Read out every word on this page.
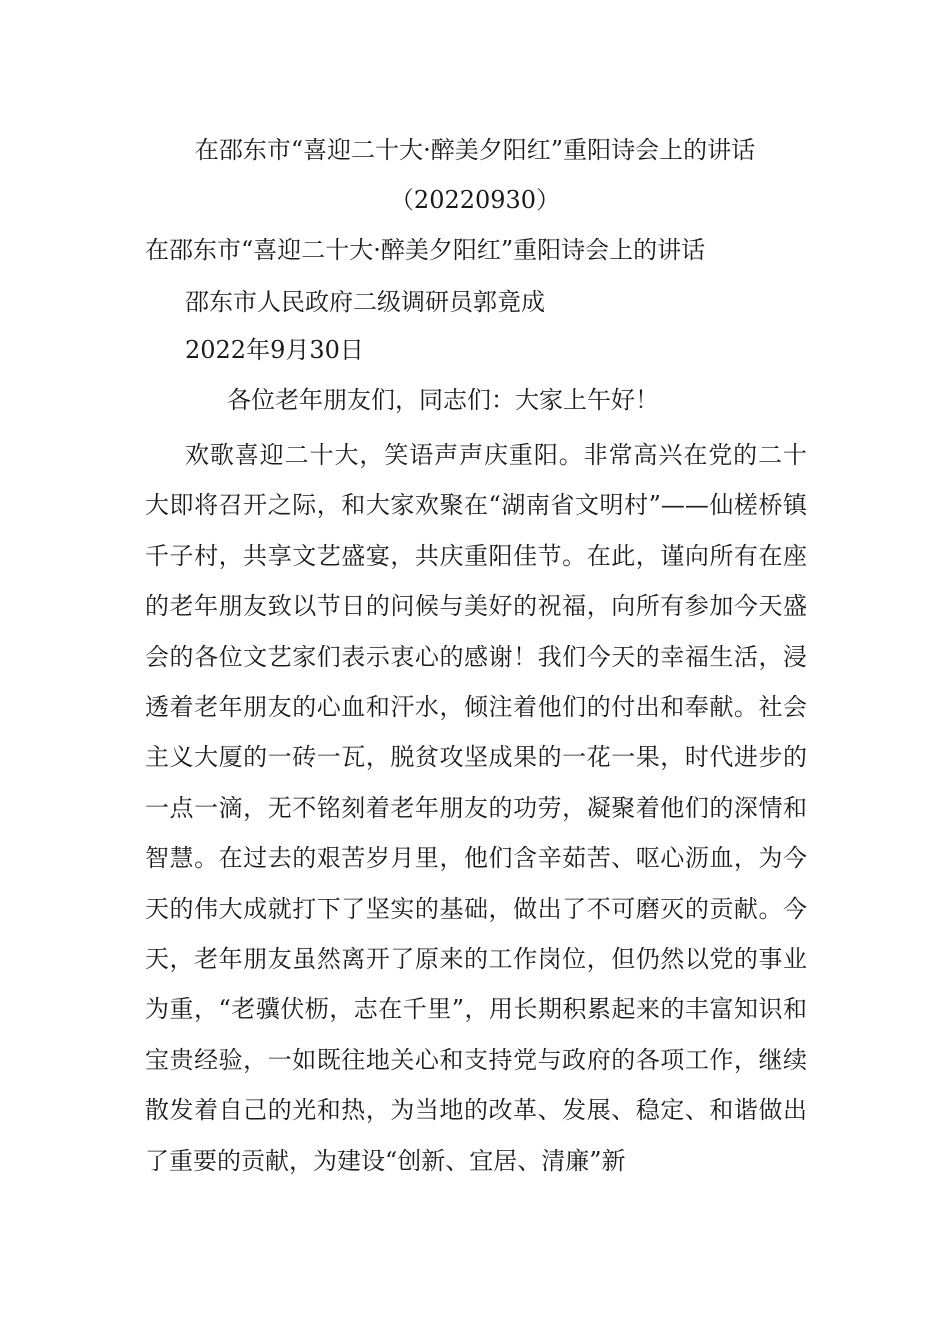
在邵东市“喜迎二十大·醉美夕阳红”重阳诗会上的讲话
（20220930）
在邵东市“喜迎二十大·醉美夕阳红”重阳诗会上的讲话
邵东市人民政府二级调研员郭竟成
2022年9月30日
各位老年朋友们，同志们：大家上午好！

欢歌喜迎二十大，笑语声声庆重阳。非常高兴在党的二十大即将召开之际，和大家欢聚在“湖南省文明村”——仙槎桥镇千子村，共享文艺盛宴，共庆重阳佳节。在此，谨向所有在座的老年朋友致以节日的问候与美好的祝福，向所有参加今天盛会的各位文艺家们表示衷心的感谢！我们今天的幸福生活，浸透着老年朋友的心血和汗水，倾注着他们的付出和奉献。社会主义大厦的一砖一瓦，脱贫攻坚成果的一花一果，时代进步的一点一滴，无不铭刻着老年朋友的功劳，凝聚着他们的深情和智慧。在过去的艰苦岁月里，他们含辛茹苦、呕心沥血，为今天的伟大成就打下了坚实的基础，做出了不可磨灭的贡献。今天，老年朋友虽然离开了原来的工作岗位，但仍然以党的事业为重，“老骥伏枥，志在千里”，用长期积累起来的丰富知识和宝贵经验，一如既往地关心和支持党与政府的各项工作，继续散发着自己的光和热，为当地的改革、发展、稳定、和谐做出了重要的贡献，为建设“创新、宜居、清廉”新
